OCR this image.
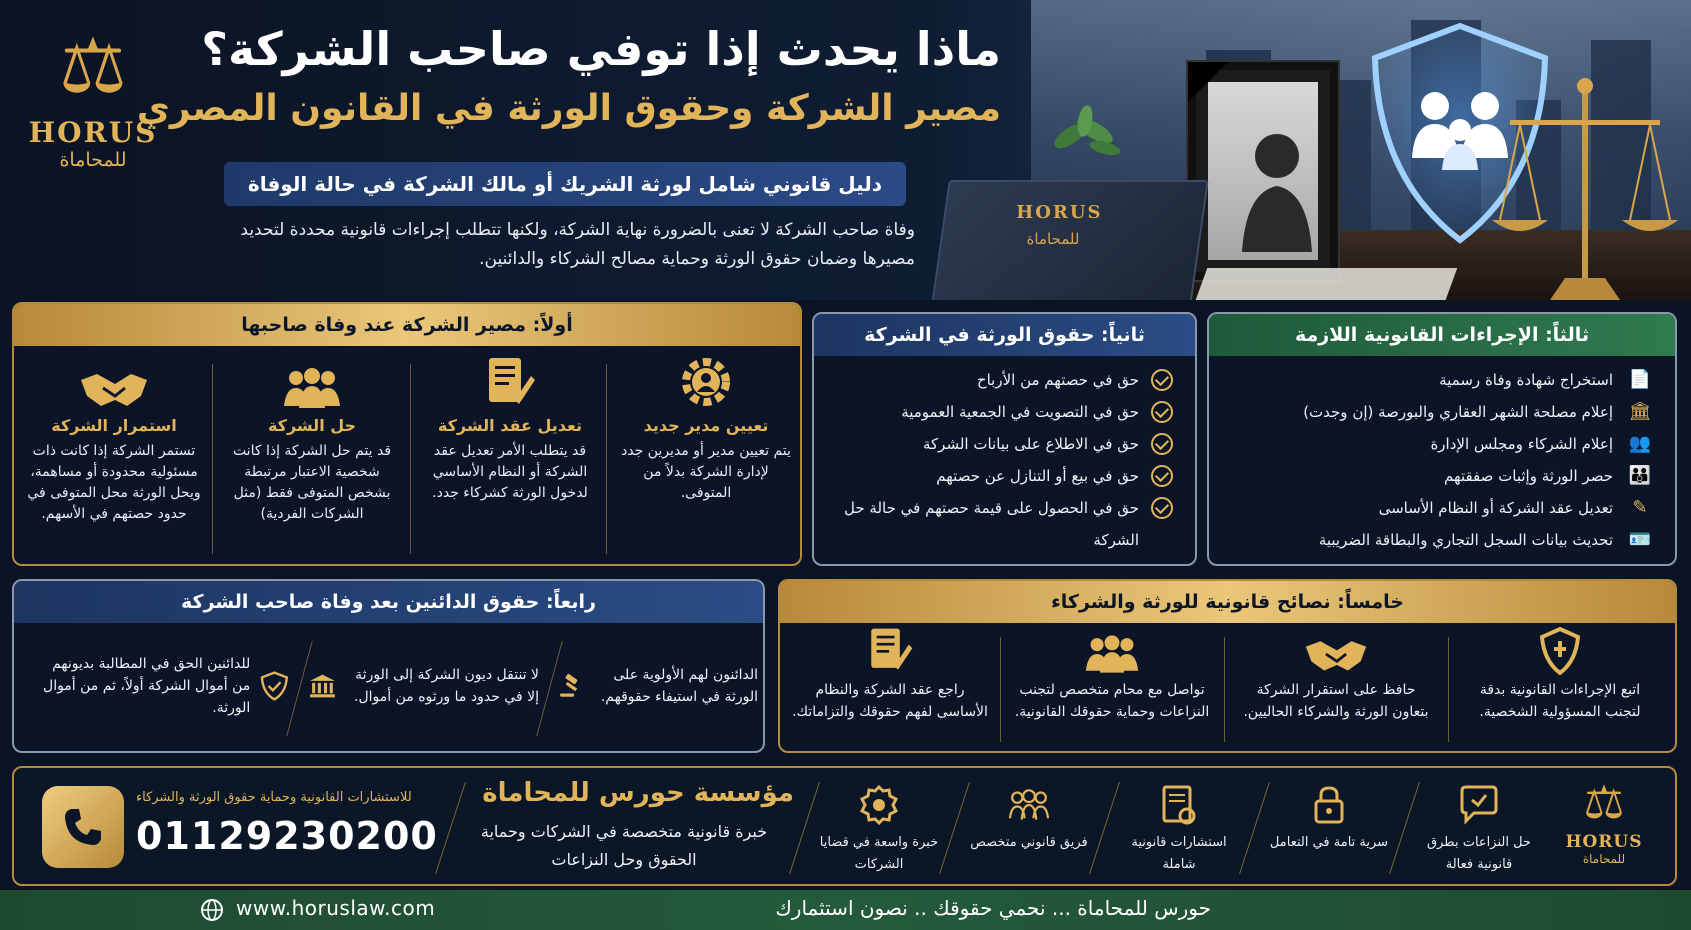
⚖
HORUS
للمحاماة
ماذا يحدث إذا توفي صاحب الشركة؟
مصير الشركة وحقوق الورثة في القانون المصري
دليل قانوني شامل لورثة الشريك أو مالك الشركة في حالة الوفاة
وفاة صاحب الشركة لا تعنى بالضرورة نهاية الشركة، ولكنها تتطلب إجراءات قانونية محددة لتحديد مصيرها وضمان حقوق الورثة وحماية مصالح الشركاء والدائنين.
HORUS
للمحاماة
أولاً: مصير الشركة عند وفاة صاحبها
تعيين مدير جديد
يتم تعيين مدير أو مديرين جدد لإدارة الشركة بدلاً من المتوفى.
تعديل عقد الشركة
قد يتطلب الأمر تعديل عقد الشركة أو النظام الأساسي لدخول الورثة كشركاء جدد.
حل الشركة
قد يتم حل الشركة إذا كانت شخصية الاعتبار مرتبطة بشخص المتوفى فقط (مثل الشركات الفردية)
استمرار الشركة
تستمر الشركة إذا كانت ذات مسئولية محدودة أو مساهمة، ويحل الورثة محل المتوفى في حدود حصتهم في الأسهم.
ثانياً: حقوق الورثة في الشركة
حق في حصتهم من الأرباح
حق في التصويت في الجمعية العمومية
حق في الاطلاع على بيانات الشركة
حق في بيع أو التنازل عن حصتهم
حق في الحصول على قيمة حصتهم في حالة حل الشركة
ثالثاً: الإجراءات القانونية اللازمة
📄
استخراج شهادة وفاة رسمية
🏛
إعلام مصلحة الشهر العقاري والبورصة (إن وجدت)
👥
إعلام الشركاء ومجلس الإدارة
👪
حصر الورثة وإثبات صفقتهم
✎
تعديل عقد الشركة أو النظام الأساسى
🪪
تحديث بيانات السجل التجاري والبطاقة الضريبية
رابعاً: حقوق الدائنين بعد وفاة صاحب الشركة
الدائنون لهم الأولوية على الورثة في استيفاء حقوقهم.
لا تنتقل ديون الشركة إلى الورثة إلا في حدود ما ورثوه من أموال.
للدائنين الحق في المطالبة بديونهم من أموال الشركة أولاً، ثم من أموال الورثة.
خامساً: نصائح قانونية للورثة والشركاء
اتبع الإجراءات القانونية بدقة لتجنب المسؤولية الشخصية.
حافظ على استقرار الشركة بتعاون الورثة والشركاء الحاليين.
تواصل مع محام متخصص لتجنب النزاعات وحماية حقوقك القانونية.
راجع عقد الشركة والنظام الأساسى لفهم حقوقك والتزاماتك.
للاستشارات القانونية وحماية حقوق الورثة والشركاء
01129230200
مؤسسة حورس للمحاماة
خبرة قانونية متخصصة في الشركات وحماية الحقوق وحل النزاعات
خبرة واسعة في قضايا الشركات
فريق قانوني متخصص	استشارات قانونية شاملة
سرية تامة في التعامل	حل النزاعات بطرق قانونية فعالة
⚖
HORUS
للمحاماة
www.horuslaw.com	حورس للمحاماة ... نحمي حقوقك .. نصون استثمارك
